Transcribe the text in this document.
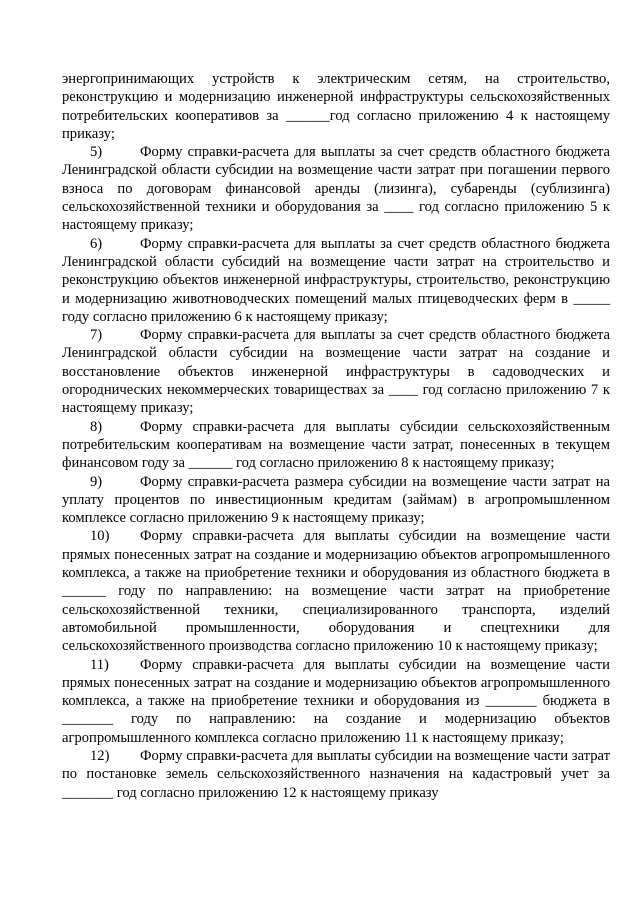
энергопринимающих устройств к электрическим сетям, на строительство, реконструкцию и модернизацию инженерной инфраструктуры сельскохозяйственных потребительских кооперативов за ______год согласно приложению 4 к настоящему приказу;

5)	Форму справки-расчета для выплаты за счет средств областного бюджета Ленинградской области субсидии на возмещение части затрат при погашении первого взноса по договорам финансовой аренды (лизинга), субаренды (сублизинга) сельскохозяйственной техники и оборудования за ____ год согласно приложению 5 к настоящему приказу;

6)	Форму справки-расчета для выплаты за счет средств областного бюджета Ленинградской области субсидий на возмещение части затрат на строительство и реконструкцию объектов инженерной инфраструктуры, строительство, реконструкцию и модернизацию животноводческих помещений малых птицеводческих ферм в _____ году согласно приложению 6 к настоящему приказу;

7)	Форму справки-расчета для выплаты за счет средств областного бюджета Ленинградской области субсидии на возмещение части затрат на создание и восстановление объектов инженерной инфраструктуры в садоводческих и огороднических некоммерческих товариществах за ____ год согласно приложению 7 к настоящему приказу;

8)	Форму справки-расчета для выплаты субсидии сельскохозяйственным потребительским кооперативам на возмещение части затрат, понесенных в текущем финансовом году за ______ год согласно приложению 8 к настоящему приказу;

9)	Форму справки-расчета размера субсидии на возмещение части затрат на уплату процентов по инвестиционным кредитам (займам) в агропромышленном комплексе согласно приложению 9 к настоящему приказу;

10) Форму справки-расчета для выплаты субсидии на возмещение части прямых понесенных затрат на создание и модернизацию объектов агропромышленного комплекса, а также на приобретение техники и оборудования из областного бюджета в ______ году по направлению: на возмещение части затрат на приобретение сельскохозяйственной техники, специализированного транспорта, изделий автомобильной промышленности, оборудования и спецтехники для сельскохозяйственного производства согласно приложению 10 к настоящему приказу;

11) Форму справки-расчета для выплаты субсидии на возмещение части прямых понесенных затрат на создание и модернизацию объектов агропромышленного комплекса, а также на приобретение техники и оборудования из _______ бюджета в _______ году по направлению: на создание и модернизацию объектов агропромышленного комплекса согласно приложению 11 к настоящему приказу;

12) Форму справки-расчета для выплаты субсидии на возмещение части затрат по постановке земель сельскохозяйственного назначения на кадастровый учет за _______ год согласно приложению 12 к настоящему приказу
